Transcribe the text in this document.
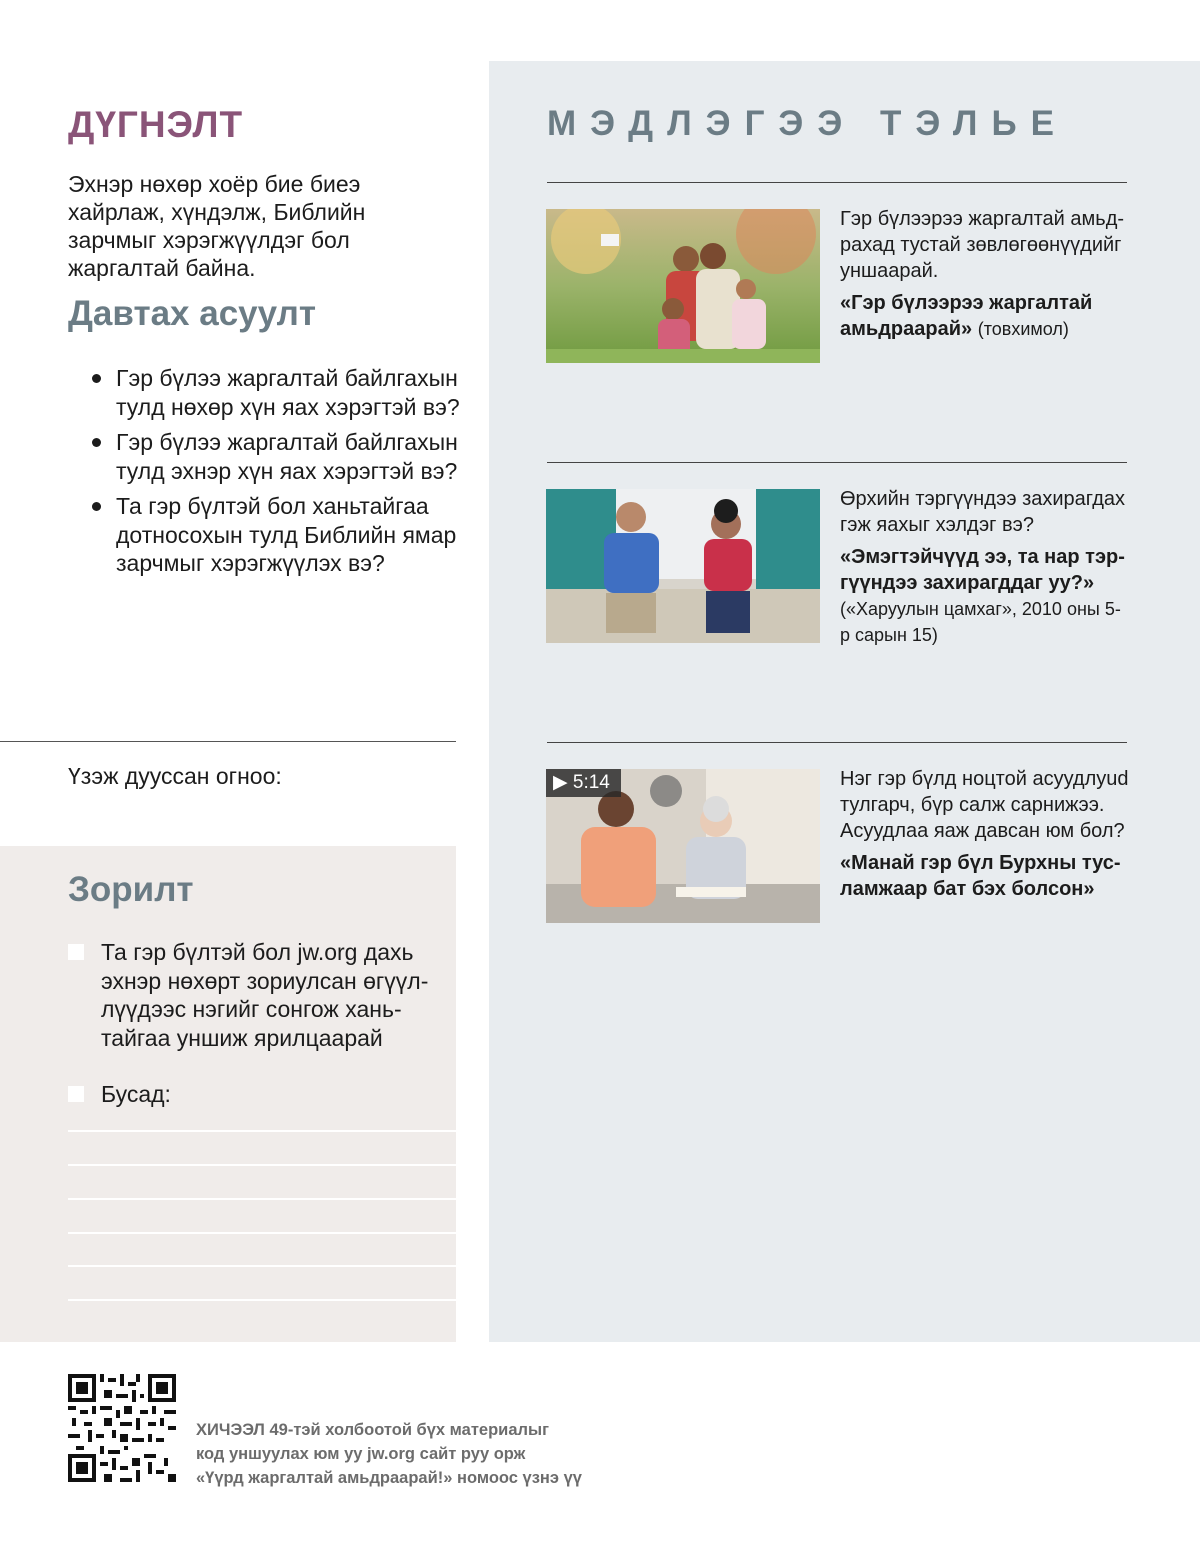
ДҮГНЭЛТ

Эхнэр нөхөр хоёр бие биеэ хайрлаж, хүндэлж, Библийн зарчмыг хэрэгжүүлдэг бол жаргалтай байна.

Давтах асуулт
Гэр бүлээ жаргалтай байлгахын тулд нөхөр хүн яах хэрэгтэй вэ?
Гэр бүлээ жаргалтай байлгахын тулд эхнэр хүн яах хэрэгтэй вэ?
Та гэр бүлтэй бол ханьтайгаа дотносохын тулд Библийн ямар зарчмыг хэрэгжүүлэх вэ?

Үзэж дууссан огноо:

Зорилт
Та гэр бүлтэй бол jw.org дахь эхнэр нөхөрт зориулсан өгүүллүүдээс нэгийг сонгож ханьтайгаа уншиж ярилцаарай
Бусад:
МЭДЛЭГЭЭ ТЭЛЬЕ

Гэр бүлээрээ жаргалтай амьдрахад тустай зөвлөгөөнүүдийг уншаарай.

«Гэр бүлээрээ жаргалтай амьдраарай» (товхимол)

Өрхийн тэргүүндээ захирагдах гэж яахыг хэлдэг вэ?

«Эмэгтэйчүүд ээ, та нар тэргүүндээ захирагддаг уу?»

(«Харуулын цамхаг», 2010 оны 5-р сарын 15)

▶ 5:14	Нэг гэр бүлд ноцтой асуудлуud тулгарч, бүр салж сарнижээ. Асуудлаа яаж давсан юм бол?

«Манай гэр бүл Бурхны тусламжаар бат бэх болсон»

ХИЧЭЭЛ 49-тэй холбоотой бүх материалыг
код уншуулах юм уу jw.org сайт руу орж
«Үүрд жаргалтай амьдраарай!» номоос үзнэ үү
